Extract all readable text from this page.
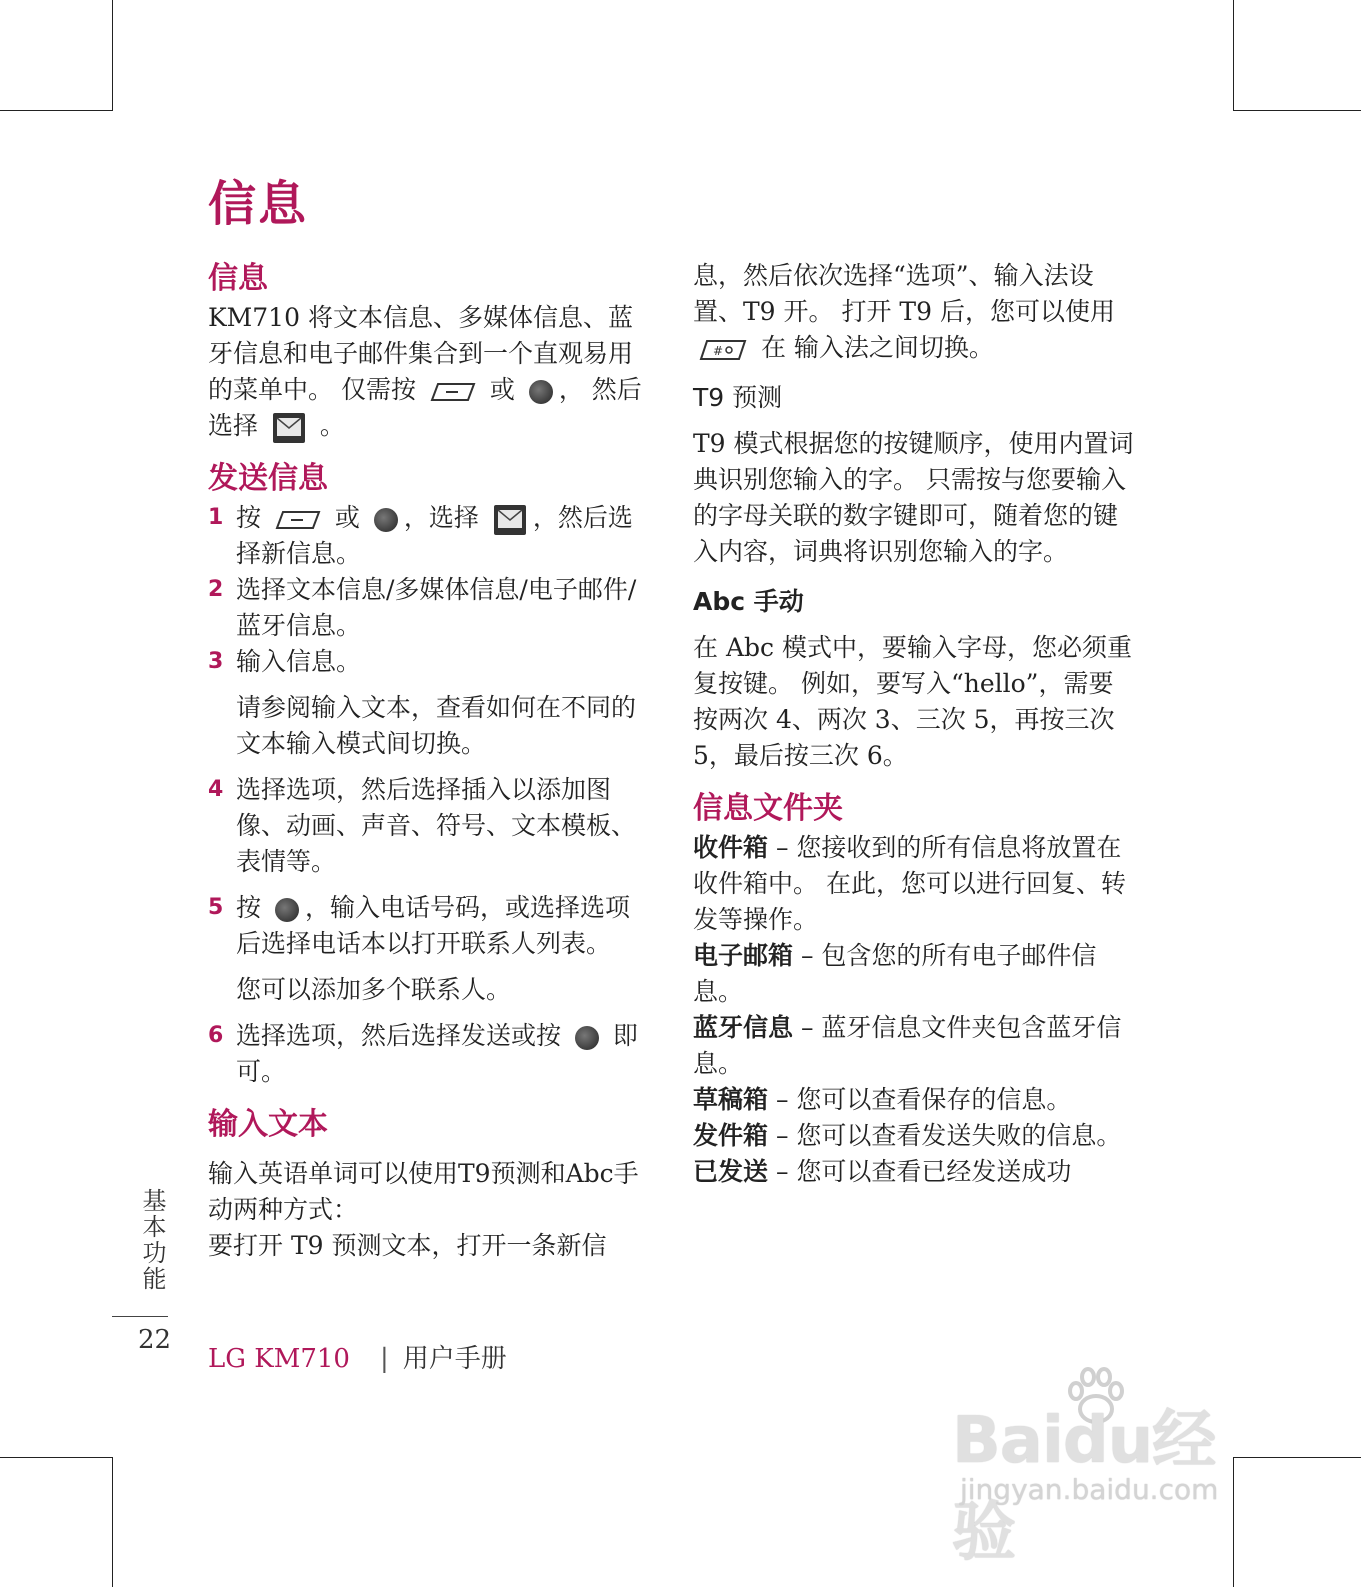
信息
信息

KM710 将文本信息、多媒体信息、蓝牙信息和电子邮件集合到一个直观易用的菜单中。 仅需按	或 ， 然后选择 。

发送信息
1 按	或 ，选择 ，然后选择新信息。
2 选择文本信息/多媒体信息/电子邮件/蓝牙信息。
3 输入信息。

请参阅输入文本，查看如何在不同的文本输入模式间切换。

4 选择选项，然后选择插入以添加图像、动画、声音、符号、文本模板、表情等。
5 按 ，输入电话号码，或选择选项后选择电话本以打开联系人列表。

您可以添加多个联系人。

6 选择选项，然后选择发送或按 即可。
输入文本

输入英语单词可以使用T9预测和Abc手动两种方式：

要打开 T9 预测文本，打开一条新信

息，然后依次选择“选项”、输入法设置、T9 开。 打开 T9 后，您可以使用
# 在 输入法之间切换。

T9 预测

T9 模式根据您的按键顺序，使用内置词典识别您输入的字。 只需按与您要输入的字母关联的数字键即可，随着您的键入内容，词典将识别您输入的字。

Abc 手动

在 Abc 模式中，要输入字母，您必须重复按键。 例如，要写入“hello”，需要按两次 4、两次 3、三次 5，再按三次 5，最后按三次 6。

信息文件夹

收件箱 – 您接收到的所有信息将放置在收件箱中。 在此，您可以进行回复、转发等操作。

电子邮箱 – 包含您的所有电子邮件信息。

蓝牙信息 – 蓝牙信息文件夹包含蓝牙信息。

草稿箱 – 您可以查看保存的信息。

发件箱 – 您可以查看发送失败的信息。

已发送 – 您可以查看已经发送成功

基本功能
22
LG KM710 | 用户手册
Baidu经验
jingyan.baidu.com
